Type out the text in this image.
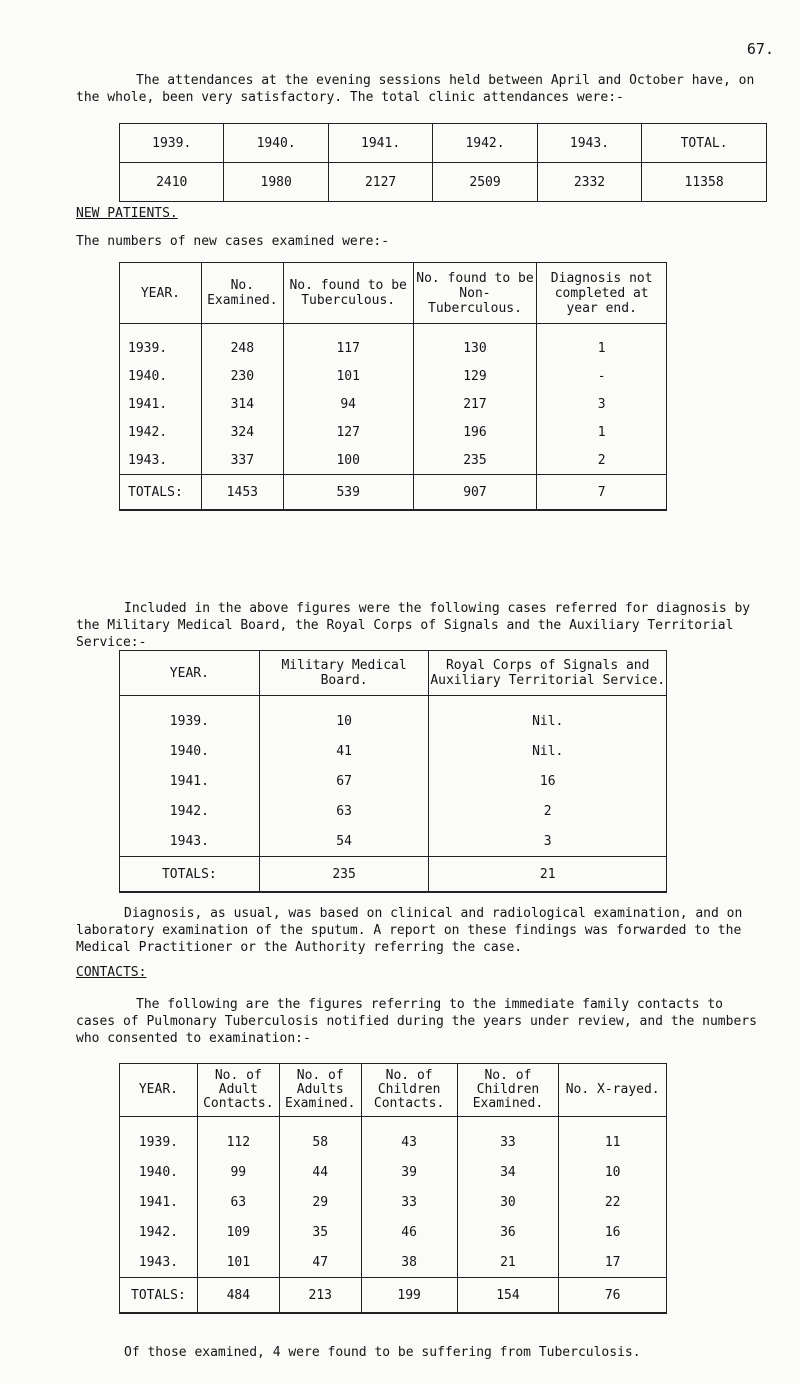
67.

The attendances at the evening sessions held between April and October have, on the whole, been very satisfactory. The total clinic attendances were:-

1939.	1940.	1941.	1942.	1943.	TOTAL.
2410	1980	2127	2509	2332	11358
NEW PATIENTS.

The numbers of new cases examined were:-

YEAR.	No. Examined.	No. found to be Tuberculous.	No. found to be Non-Tuberculous.	Diagnosis not completed at year end.
1939.	248	117	130	1
1940.	230	101	129	-
1941.	314	94	217	3
1942.	324	127	196	1
1943.	337	100	235	2
TOTALS:	1453	539	907	7

Included in the above figures were the following cases referred for diagnosis by the Military Medical Board, the Royal Corps of Signals and the Auxiliary Territorial Service:-

YEAR.	Military Medical Board.	Royal Corps of Signals and Auxiliary Territorial Service.
1939.	10	Nil.
1940.	41	Nil.
1941.	67	16
1942.	63	2
1943.	54	3
TOTALS:	235	21

Diagnosis, as usual, was based on clinical and radiological examination, and on laboratory examination of the sputum. A report on these findings was forwarded to the Medical Practitioner or the Authority referring the case.

CONTACTS:

The following are the figures referring to the immediate family contacts to cases of Pulmonary Tuberculosis notified during the years under review, and the numbers who consented to examination:-

YEAR.	No. of Adult Contacts.	No. of Adults Examined.	No. of Children Contacts.	No. of Children Examined.	No. X-rayed.
1939.	112	58	43	33	11
1940.	99	44	39	34	10
1941.	63	29	33	30	22
1942.	109	35	46	36	16
1943.	101	47	38	21	17
TOTALS:	484	213	199	154	76

Of those examined, 4 were found to be suffering from Tuberculosis.
